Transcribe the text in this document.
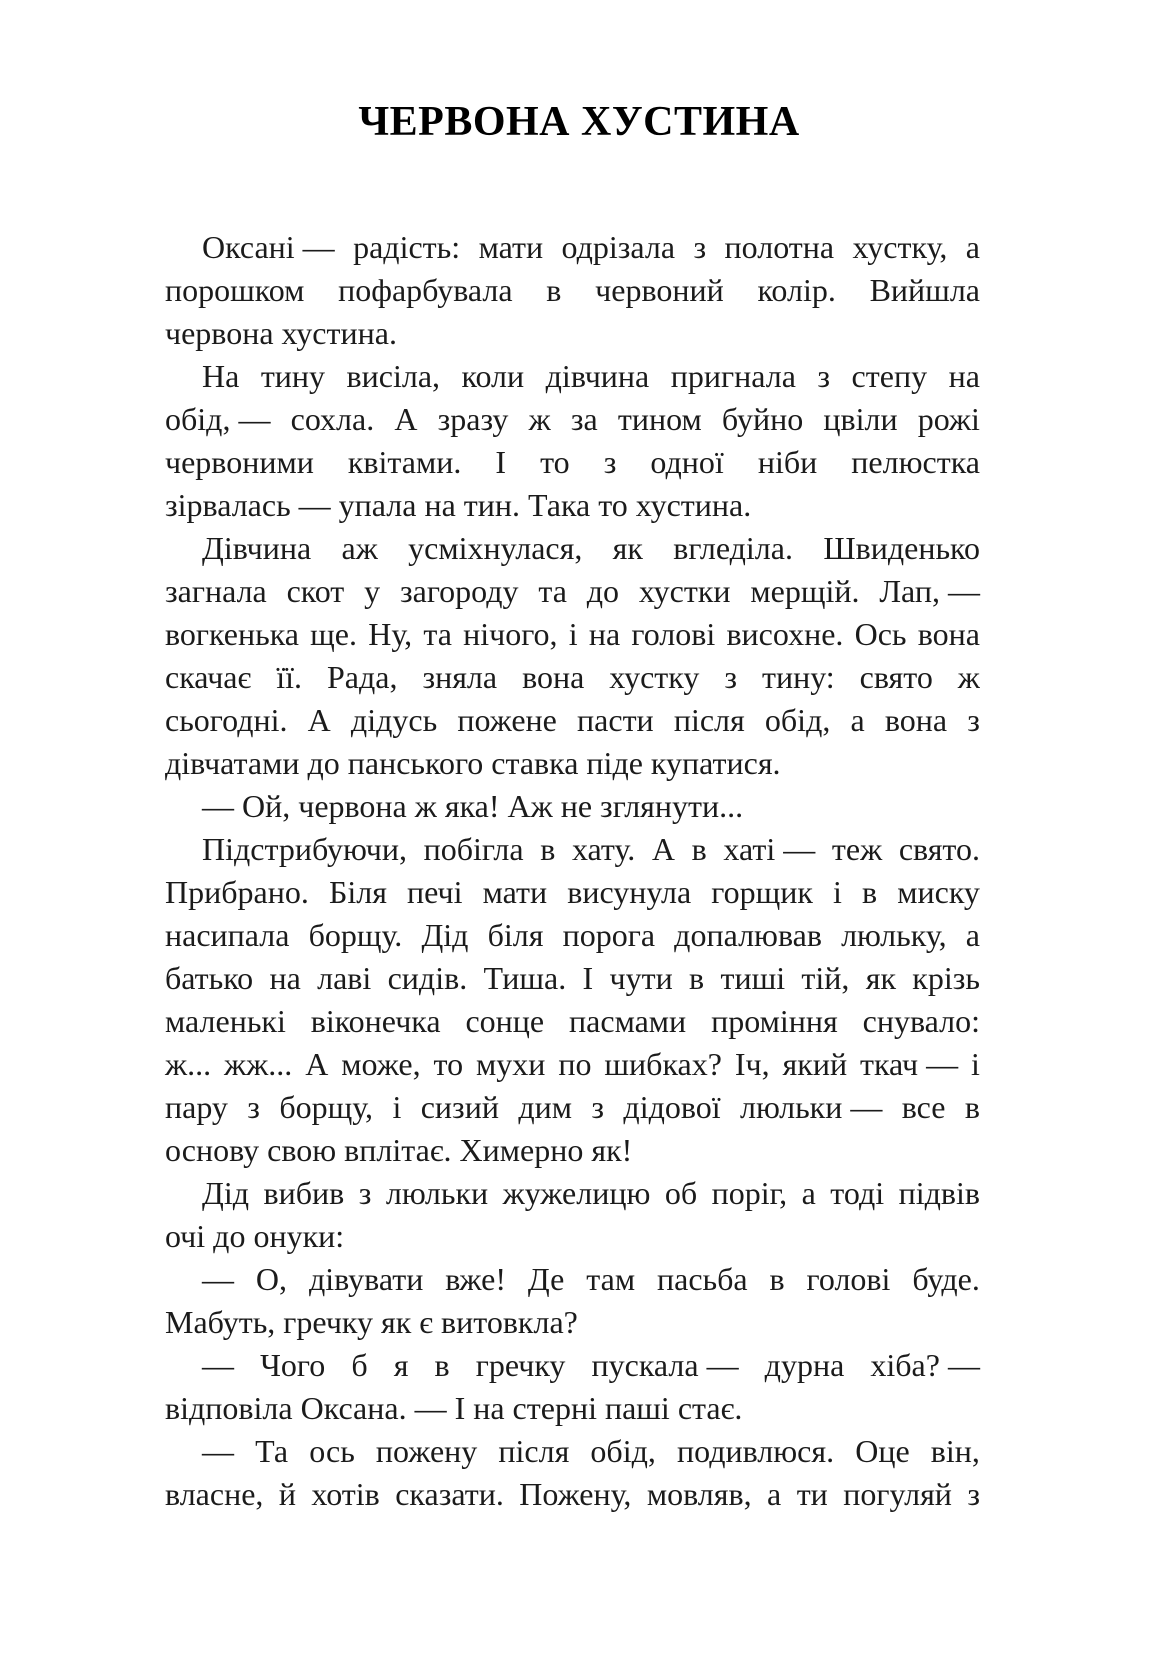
ЧЕРВОНА ХУСТИНА
Оксані — радість: мати одрізала з полотна хустку, а
порошком пофарбувала в червоний колір. Вийшла
червона хустина.
На тину висіла, коли дівчина пригнала з степу на
обід, — сохла. А зразу ж за тином буйно цвіли рожі
червоними квітами. І то з одної ніби пелюстка
зірвалась — упала на тин. Така то хустина.
Дівчина аж усміхнулася, як вгледіла. Швиденько
загнала скот у загороду та до хустки мерщій. Лап, —
вогкенька ще. Ну, та нічого, і на голові висохне. Ось вона
скачає її. Рада, зняла вона хустку з тину: свято ж
сьогодні. А дідусь пожене пасти після обід, а вона з
дівчатами до панського ставка піде купатися.
— Ой, червона ж яка! Аж не зглянути...
Підстрибуючи, побігла в хату. А в хаті — теж свято.
Прибрано. Біля печі мати висунула горщик і в миску
насипала борщу. Дід біля порога допалював люльку, а
батько на лаві сидів. Тиша. І чути в тиші тій, як крізь
маленькі віконечка сонце пасмами проміння снувало:
ж... жж... А може, то мухи по шибках? Іч, який ткач — і
пару з борщу, і сизий дим з дідової люльки — все в
основу свою вплітає. Химерно як!
Дід вибив з люльки жужелицю об поріг, а тоді підвів
очі до онуки:
— О, дівувати вже! Де там пасьба в голові буде.
Мабуть, гречку як є витовкла?
— Чого б я в гречку пускала — дурна хіба? —
відповіла Оксана. — І на стерні паші стає.
— Та ось пожену після обід, подивлюся. Оце він,
власне, й хотів сказати. Пожену, мовляв, а ти погуляй з
